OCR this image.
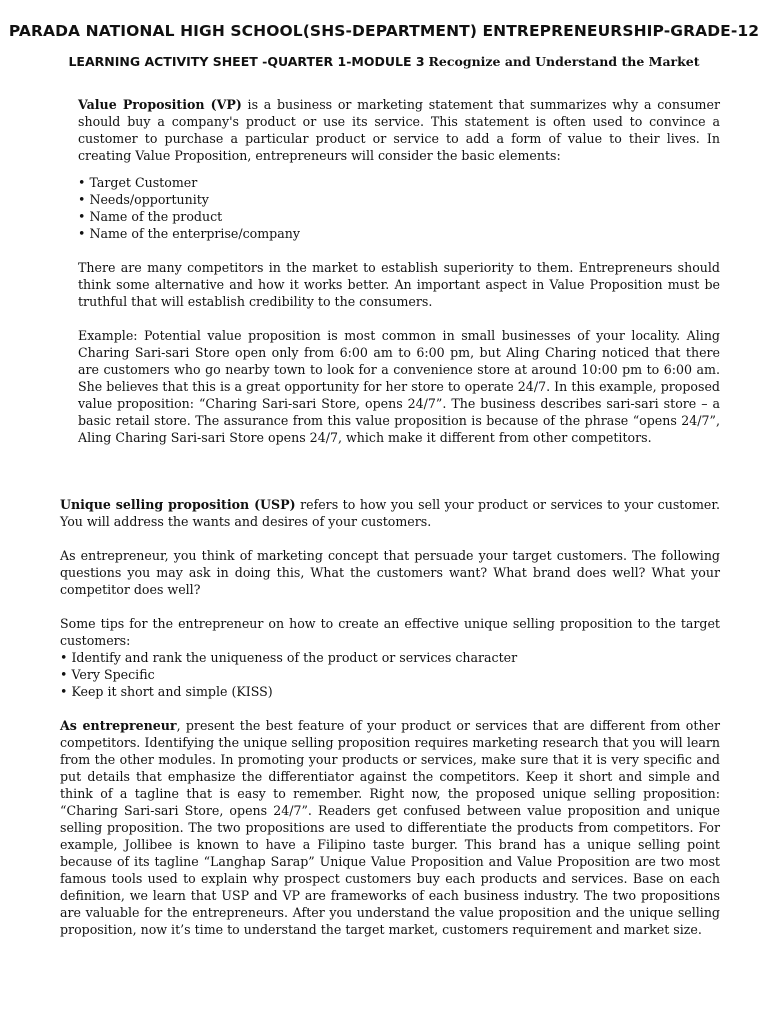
PARADA NATIONAL HIGH SCHOOL(SHS-DEPARTMENT) ENTREPRENEURSHIP-GRADE-12
LEARNING ACTIVITY SHEET -QUARTER 1-MODULE 3 Recognize and Understand the Market

Value Proposition (VP) is a business or marketing statement that summarizes why a consumer should buy a company's product or use its service. This statement is often used to convince a customer to purchase a particular product or service to add a form of value to their lives. In creating Value Proposition, entrepreneurs will consider the basic elements:

• Target Customer
• Needs/opportunity
• Name of the product
• Name of the enterprise/company

There are many competitors in the market to establish superiority to them. Entrepreneurs should think some alternative and how it works better. An important aspect in Value Proposition must be truthful that will establish credibility to the consumers.

Example: Potential value proposition is most common in small businesses of your locality. Aling Charing Sari-sari Store open only from 6:00 am to 6:00 pm, but Aling Charing noticed that there are customers who go nearby town to look for a convenience store at around 10:00 pm to 6:00 am. She believes that this is a great opportunity for her store to operate 24/7. In this example, proposed value proposition: “Charing Sari-sari Store, opens 24/7”. The business describes sari-sari store – a basic retail store. The assurance from this value proposition is because of the phrase “opens 24/7”, Aling Charing Sari-sari Store opens 24/7, which make it different from other competitors.

Unique selling proposition (USP) refers to how you sell your product or services to your customer. You will address the wants and desires of your customers.

As entrepreneur, you think of marketing concept that persuade your target customers. The following questions you may ask in doing this, What the customers want? What brand does well? What your competitor does well?

Some tips for the entrepreneur on how to create an effective unique selling proposition to the target customers:

• Identify and rank the uniqueness of the product or services character
• Very Specific
• Keep it short and simple (KISS)

As entrepreneur, present the best feature of your product or services that are different from other competitors. Identifying the unique selling proposition requires marketing research that you will learn from the other modules. In promoting your products or services, make sure that it is very specific and put details that emphasize the differentiator against the competitors. Keep it short and simple and think of a tagline that is easy to remember. Right now, the proposed unique selling proposition: “Charing Sari-sari Store, opens 24/7”. Readers get confused between value proposition and unique selling proposition. The two propositions are used to differentiate the products from competitors. For example, Jollibee is known to have a Filipino taste burger. This brand has a unique selling point because of its tagline “Langhap Sarap” Unique Value Proposition and Value Proposition are two most famous tools used to explain why prospect customers buy each products and services. Base on each definition, we learn that USP and VP are frameworks of each business industry. The two propositions are valuable for the entrepreneurs. After you understand the value proposition and the unique selling proposition, now it’s time to understand the target market, customers requirement and market size.
